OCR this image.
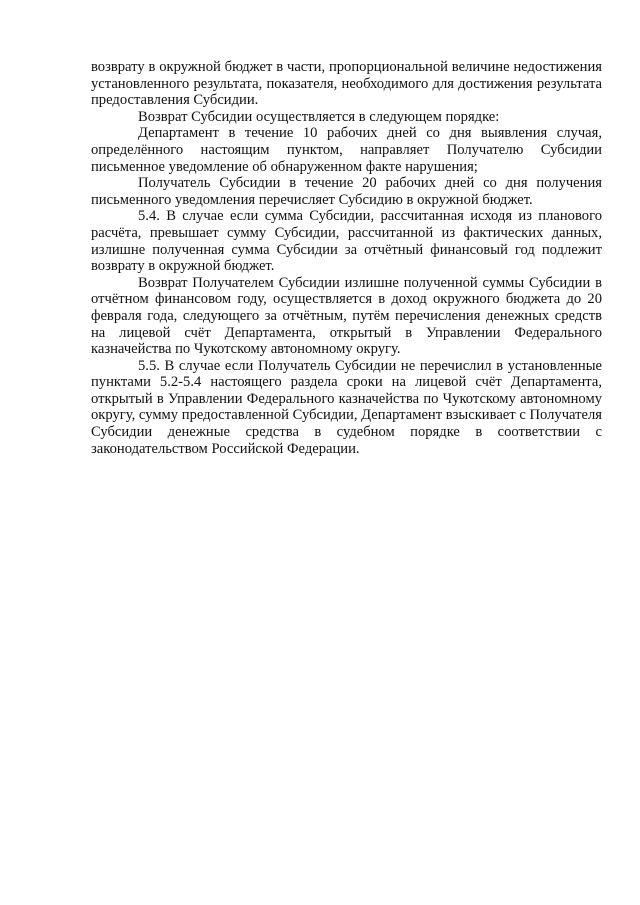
возврату в окружной бюджет в части, пропорциональной величине недостижения установленного результата, показателя, необходимого для достижения результата предоставления Субсидии.

Возврат Субсидии осуществляется в следующем порядке:

Департамент в течение 10 рабочих дней со дня выявления случая, определённого настоящим пунктом, направляет Получателю Субсидии письменное уведомление об обнаруженном факте нарушения;

Получатель Субсидии в течение 20 рабочих дней со дня получения письменного уведомления перечисляет Субсидию в окружной бюджет.

5.4. В случае если сумма Субсидии, рассчитанная исходя из планового расчёта, превышает сумму Субсидии, рассчитанной из фактических данных, излишне полученная сумма Субсидии за отчётный финансовый год подлежит возврату в окружной бюджет.

Возврат Получателем Субсидии излишне полученной суммы Субсидии в отчётном финансовом году, осуществляется в доход окружного бюджета до 20 февраля года, следующего за отчётным, путём перечисления денежных средств на лицевой счёт Департамента, открытый в Управлении Федерального казначейства по Чукотскому автономному округу.

5.5. В случае если Получатель Субсидии не перечислил в установленные пунктами 5.2-5.4 настоящего раздела сроки на лицевой счёт Департамента, открытый в Управлении Федерального казначейства по Чукотскому автономному округу, сумму предоставленной Субсидии, Департамент взыскивает с Получателя Субсидии денежные средства в судебном порядке в соответствии с законодательством Российской Федерации.
